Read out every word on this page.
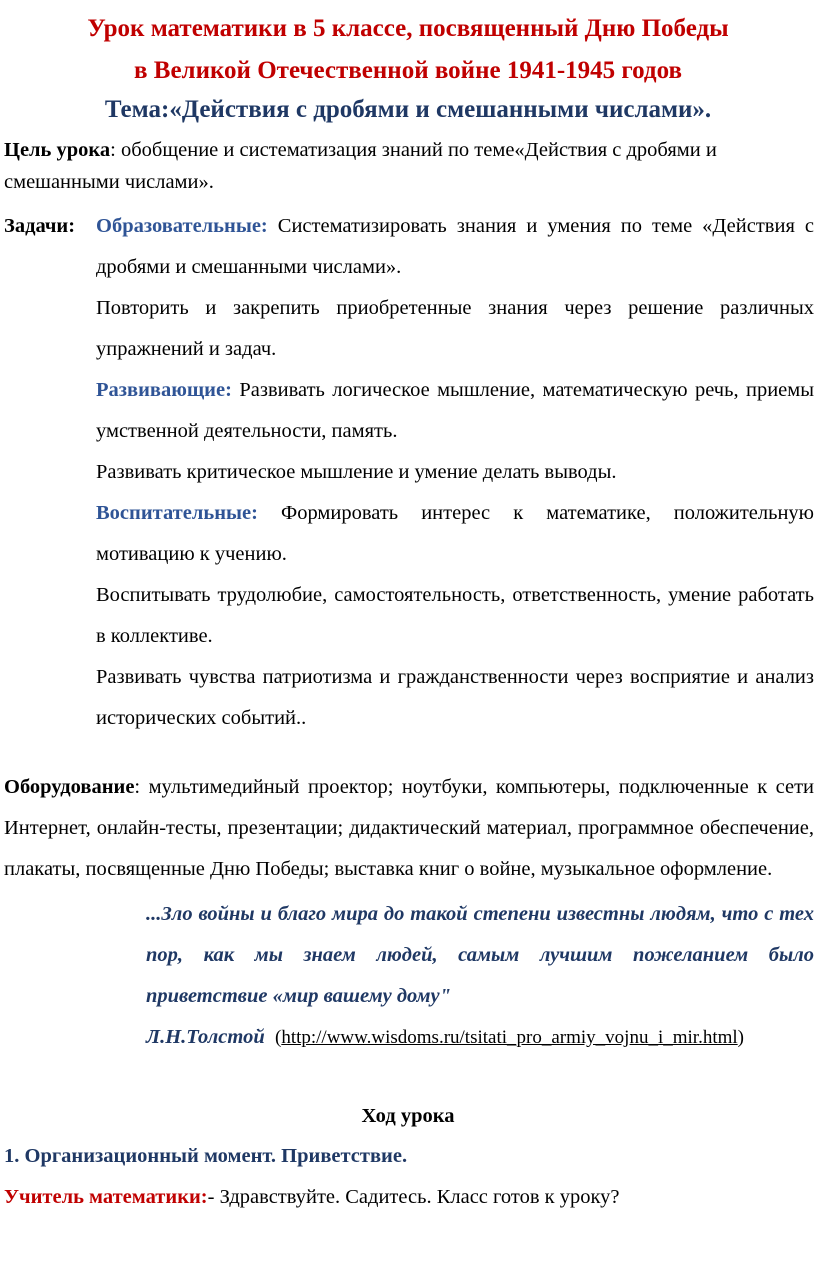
Урок математики в 5 классе, посвященный Дню Победы
в Великой Отечественной войне 1941-1945 годов
Тема:«Действия с дробями и смешанными числами».
Цель урока: обобщение и систематизация знаний по теме«Действия с дробями и смешанными числами».
Задачи: Образовательные: Систематизировать знания и умения по теме «Действия с дробями и смешанными числами».
Повторить и закрепить приобретенные знания через решение различных упражнений и задач.
Развивающие: Развивать логическое мышление, математическую речь, приемы умственной деятельности, память.
Развивать критическое мышление и умение делать выводы.
Воспитательные: Формировать интерес к математике, положительную мотивацию к учению.
Воспитывать трудолюбие, самостоятельность, ответственность, умение работать в коллективе.
Развивать чувства патриотизма и гражданственности через восприятие и анализ исторических событий..
Оборудование: мультимедийный проектор; ноутбуки, компьютеры, подключенные к сети Интернет, онлайн-тесты, презентации; дидактический материал, программное обеспечение, плакаты, посвященные Дню Победы; выставка книг о войне, музыкальное оформление.
...Зло войны и благо мира до такой степени известны людям, что с тех пор, как мы знаем людей, самым лучшим пожеланием было приветствие «мир вашему дому"
Л.Н.Толстой (http://www.wisdoms.ru/tsitati_pro_armiy_vojnu_i_mir.html)
Ход урока
1. Организационный момент. Приветствие.
Учитель математики:- Здравствуйте. Садитесь. Класс готов к уроку?
